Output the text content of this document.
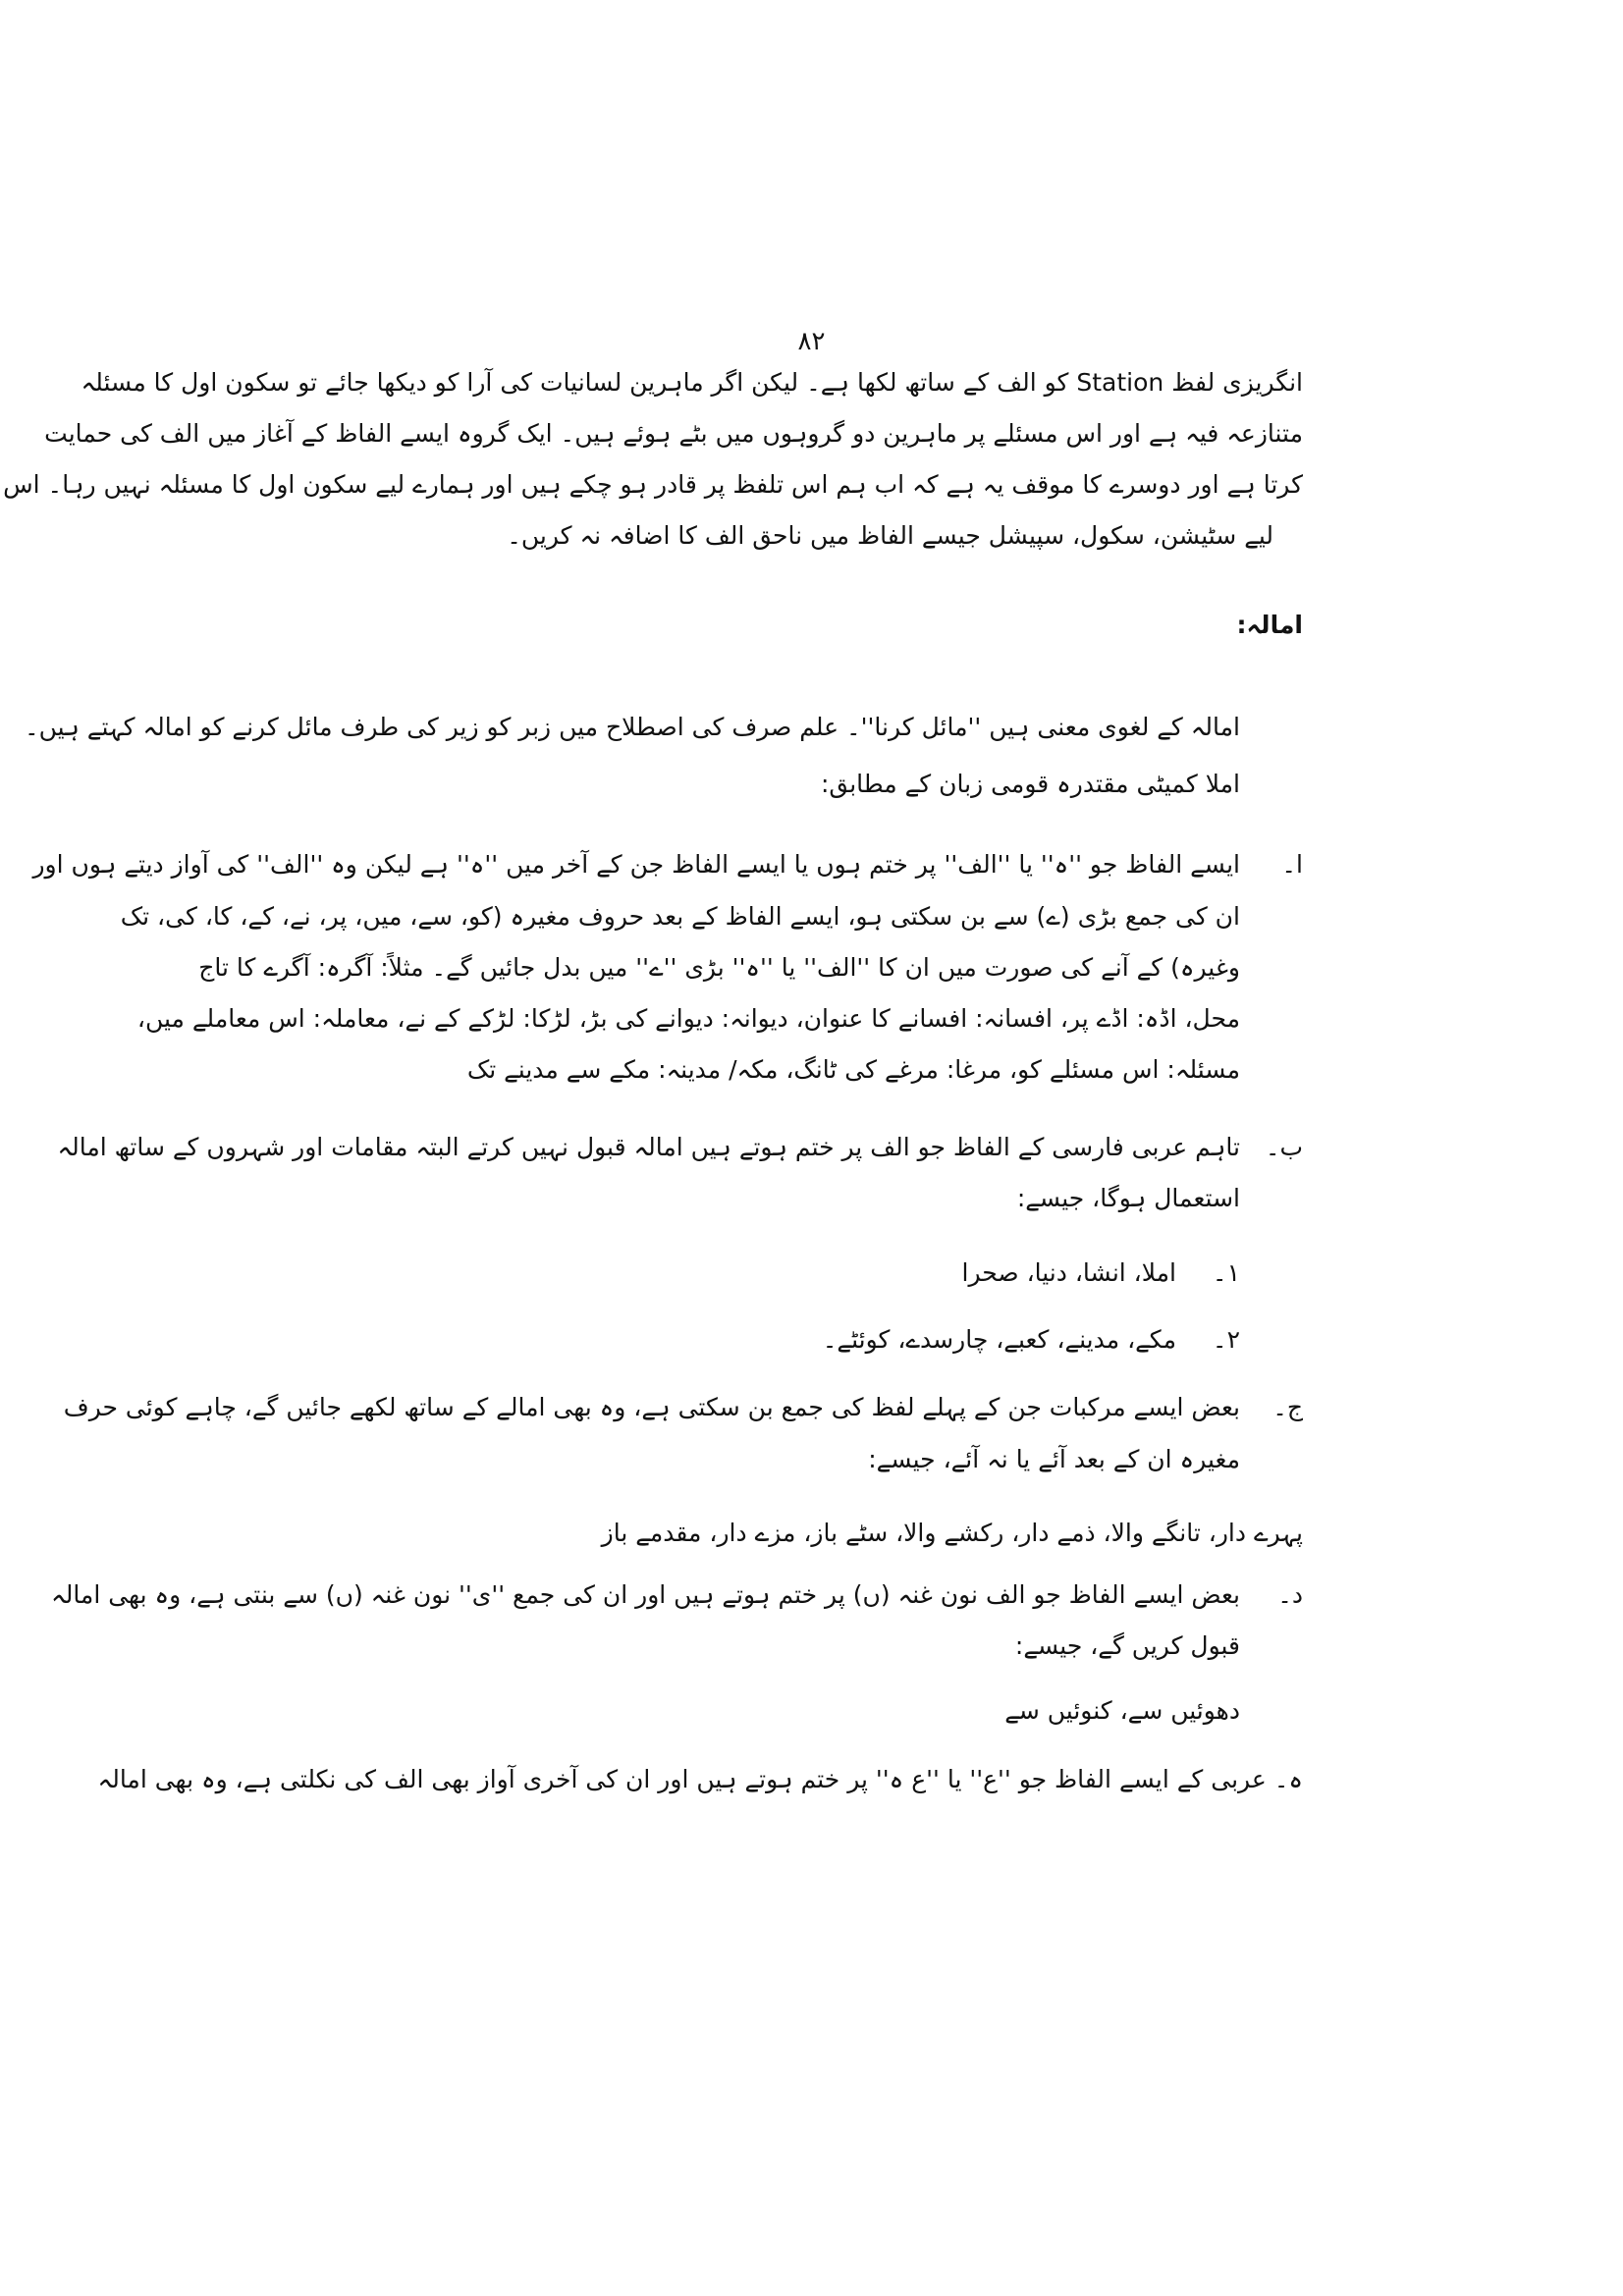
۸۲
انگریزی لفظ Station کو الف کے ساتھ لکھا ہے۔ لیکن اگر ماہرین لسانیات کی آرا کو دیکھا جائے تو سکون اول کا مسئلہ
متنازعہ فیہ ہے اور اس مسئلے پر ماہرین دو گروہوں میں بٹے ہوئے ہیں۔ ایک گروہ ایسے الفاظ کے آغاز میں الف کی حمایت
کرتا ہے اور دوسرے کا موقف یہ ہے کہ اب ہم اس تلفظ پر قادر ہو چکے ہیں اور ہمارے لیے سکون اول کا مسئلہ نہیں رہا۔ اس
لیے سٹیشن، سکول، سپیشل جیسے الفاظ میں ناحق الف کا اضافہ نہ کریں۔
امالہ:
امالہ کے لغوی معنی ہیں ''مائل کرنا''۔ علم صرف کی اصطلاح میں زبر کو زیر کی طرف مائل کرنے کو امالہ کہتے ہیں۔
املا کمیٹی مقتدرہ قومی زبان کے مطابق:
ا۔
ایسے الفاظ جو ''ہ'' یا ''الف'' پر ختم ہوں یا ایسے الفاظ جن کے آخر میں ''ہ'' ہے لیکن وہ ''الف'' کی آواز دیتے ہوں اور
ان کی جمع بڑی (ے) سے بن سکتی ہو، ایسے الفاظ کے بعد حروف مغیرہ (کو، سے، میں، پر، نے، کے، کا، کی، تک
وغیرہ) کے آنے کی صورت میں ان کا ''الف'' یا ''ہ'' بڑی ''ے'' میں بدل جائیں گے۔ مثلاً: آگرہ: آگرے کا تاج
محل، اڈہ: اڈے پر، افسانہ: افسانے کا عنوان، دیوانہ: دیوانے کی بڑ، لڑکا: لڑکے کے نے، معاملہ: اس معاملے میں،
مسئلہ: اس مسئلے کو، مرغا: مرغے کی ٹانگ، مکہ/ مدینہ: مکے سے مدینے تک
ب۔
تاہم عربی فارسی کے الفاظ جو الف پر ختم ہوتے ہیں امالہ قبول نہیں کرتے البتہ مقامات اور شہروں کے ساتھ امالہ
استعمال ہوگا، جیسے:
۱۔
املا، انشا، دنیا، صحرا
۲۔
مکے، مدینے، کعبے، چارسدے، کوئٹے۔
ج۔
بعض ایسے مرکبات جن کے پہلے لفظ کی جمع بن سکتی ہے، وہ بھی امالے کے ساتھ لکھے جائیں گے، چاہے کوئی حرف
مغیرہ ان کے بعد آئے یا نہ آئے، جیسے:
پہرے دار، تانگے والا، ذمے دار، رکشے والا، سٹے باز، مزے دار، مقدمے باز
د۔
بعض ایسے الفاظ جو الف نون غنہ (ں) پر ختم ہوتے ہیں اور ان کی جمع ''ی'' نون غنہ (ں) سے بنتی ہے، وہ بھی امالہ
قبول کریں گے، جیسے:
دھوئیں سے، کنوئیں سے
ہ۔ عربی کے ایسے الفاظ جو ''ع'' یا ''ع ہ'' پر ختم ہوتے ہیں اور ان کی آخری آواز بھی الف کی نکلتی ہے، وہ بھی امالہ
